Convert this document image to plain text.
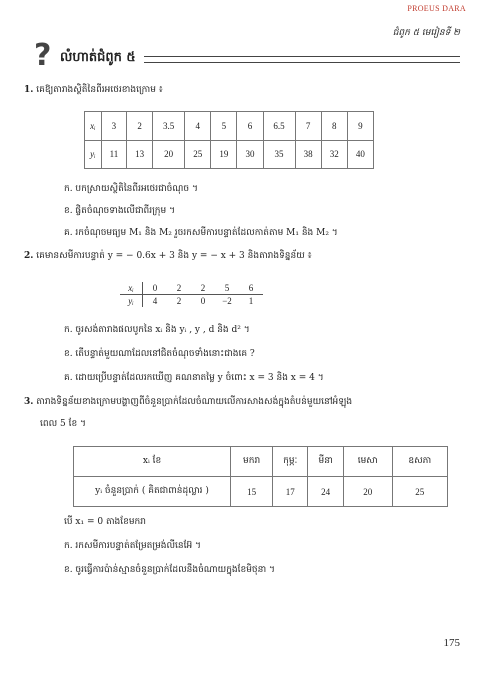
PROEUS DARA
ជំពូក ៥ មេរៀនទី ២
? លំហាត់ជំពូក ៥
1. គេឱ្យតារាងស្ថិតិនៃពីរអថេរខាងក្រោម ៖
xᵢ	3	2	3.5	4	5	6	6.5	7	8	9
yᵢ	11	13	20	25	19	30	35	38	32	40
ក. បកស្រាយស្ថិតិនៃពីរអថេរជាចំណុច ។
ខ. ផ្ចិតចំណុចទាងលើជាពីរក្រុម ។
គ. រកចំណុចមធ្យម M₁ និង M₂ រួចរកសមីការបន្ទាត់ដែលកាត់តាម M₁ និង M₂ ។
2. គេមានសមីការបន្ទាត់ y = − 0.6x + 3 និង y = − x + 3 និងតារាងទិន្នន័យ ៖
xᵢ	0	2	2	5	6
yᵢ	4	2	0	−2	1
ក. ចូរសង់តារាងផលបូកនៃ xᵢ និង yᵢ , y , d និង d² ។
ខ. តើបន្ទាត់មួយណាដែលនៅជិតចំណុចទាំងនោះជាងគេ ?
គ. ដោយប្រើបន្ទាត់ដែលរកឃើញ គណនាតម្លៃ y ចំពោះ x = 3 និង x = 4 ។
3. តារាងទិន្នន័យខាងក្រោមបង្ហាញពីចំនួនប្រាក់ដែលចំណាយលើការសាងសង់ក្នុងតំបន់មួយនៅអំឡុង
ពេល 5 ខែ ។
xᵢ ខែ	មករា	កុម្ភៈ	មីនា	មេសា	ឧសភា
yᵢ ចំនួនប្រាក់ ( គិតជាពាន់ដុល្លារ )	15	17	24	20	25
បើ x₁ = 0 តាងខែមករា
ក. រកសមីការបន្ទាត់តម្រែតម្រង់លីនេអ៊ែ ។
ខ. ចូរធ្វើការប៉ាន់ស្មានចំនួនប្រាក់ដែលនឹងចំណាយក្នុងខែមិថុនា ។
175
